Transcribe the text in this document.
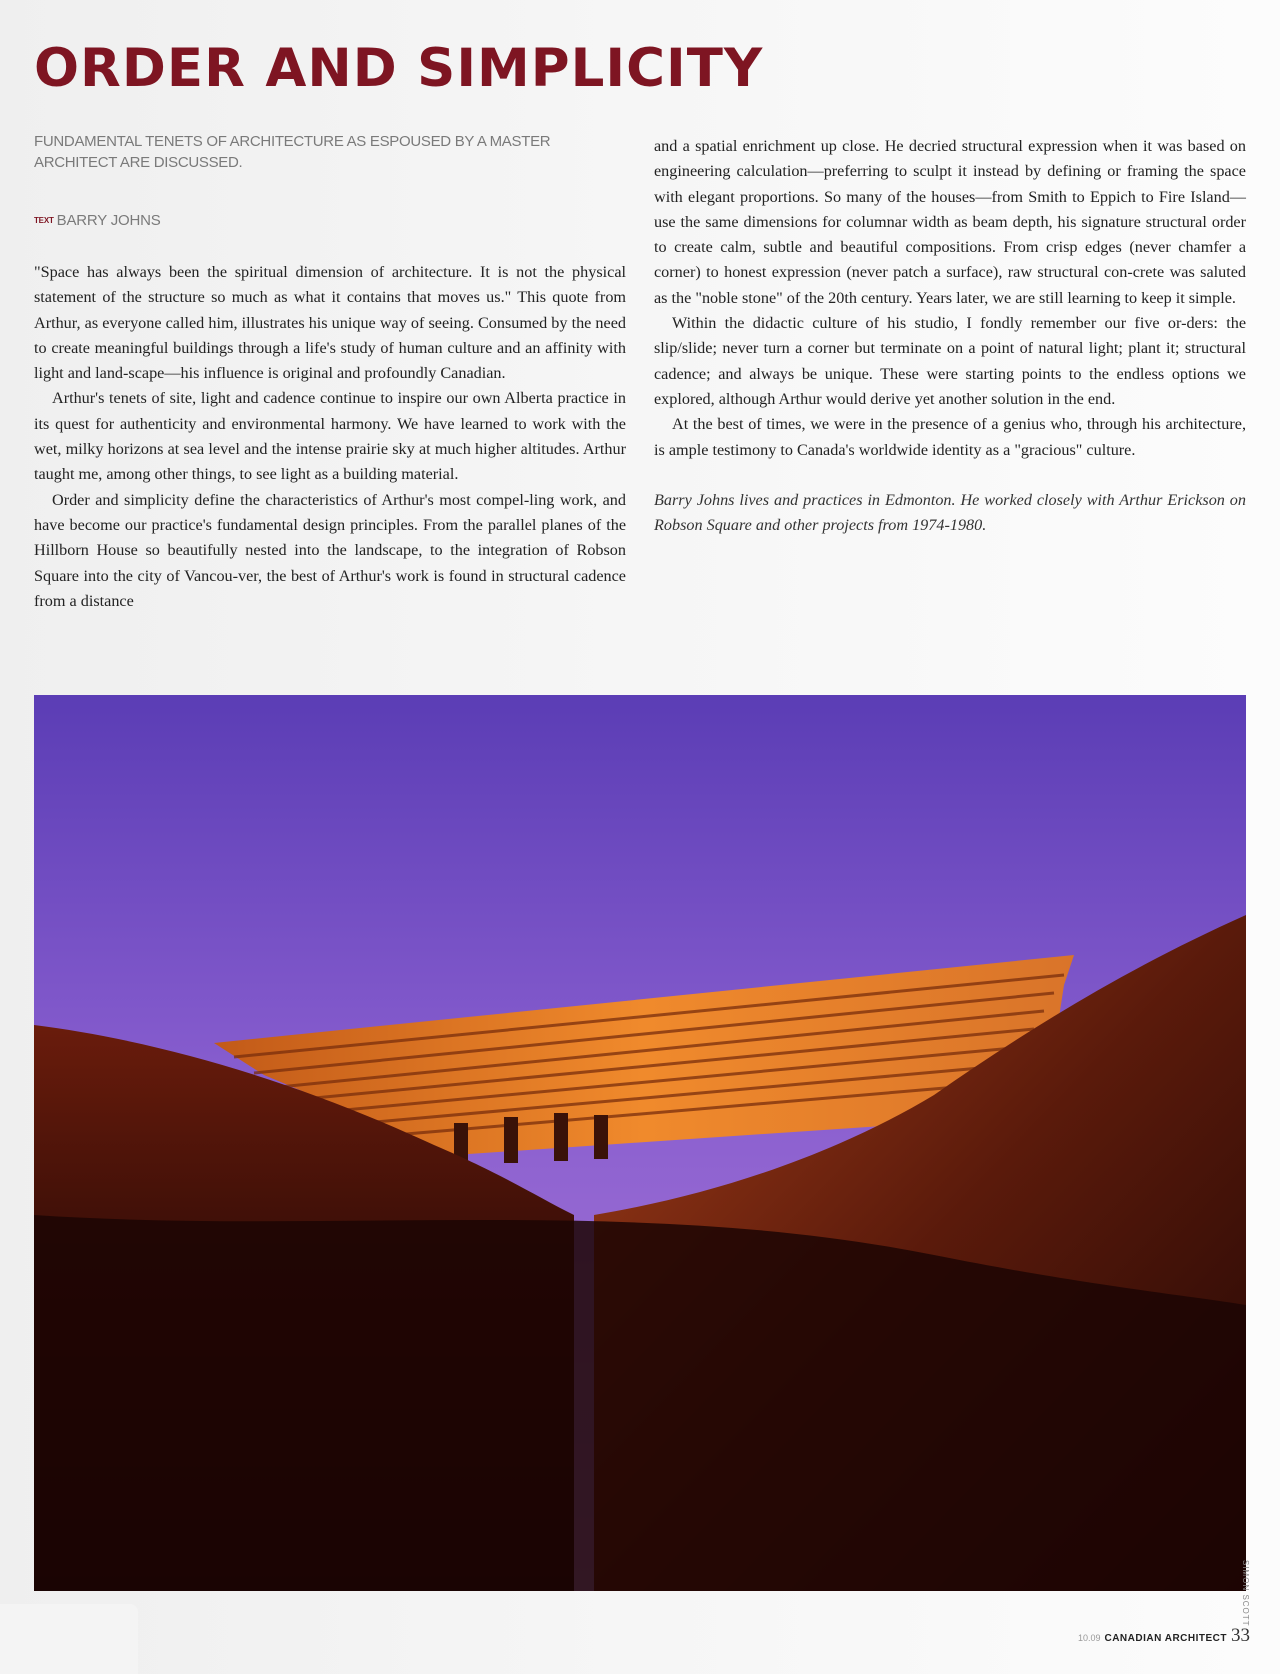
ORDER AND SIMPLICITY
FUNDAMENTAL TENETS OF ARCHITECTURE AS ESPOUSED BY A MASTER ARCHITECT ARE DISCUSSED.
TEXT BARRY JOHNS

"Space has always been the spiritual dimension of architecture. It is not the physical statement of the structure so much as what it contains that moves us." This quote from Arthur, as everyone called him, illustrates his unique way of seeing. Consumed by the need to create meaningful buildings through a life's study of human culture and an affinity with light and land-scape—his influence is original and profoundly Canadian.

Arthur's tenets of site, light and cadence continue to inspire our own Alberta practice in its quest for authenticity and environmental harmony. We have learned to work with the wet, milky horizons at sea level and the intense prairie sky at much higher altitudes. Arthur taught me, among other things, to see light as a building material.

Order and simplicity define the characteristics of Arthur's most compel-ling work, and have become our practice's fundamental design principles. From the parallel planes of the Hillborn House so beautifully nested into the landscape, to the integration of Robson Square into the city of Vancou-ver, the best of Arthur's work is found in structural cadence from a distance

and a spatial enrichment up close. He decried structural expression when it was based on engineering calculation—preferring to sculpt it instead by defining or framing the space with elegant proportions. So many of the houses—from Smith to Eppich to Fire Island—use the same dimensions for columnar width as beam depth, his signature structural order to create calm, subtle and beautiful compositions. From crisp edges (never chamfer a corner) to honest expression (never patch a surface), raw structural con-crete was saluted as the "noble stone" of the 20th century. Years later, we are still learning to keep it simple.

Within the didactic culture of his studio, I fondly remember our five or-ders: the slip/slide; never turn a corner but terminate on a point of natural light; plant it; structural cadence; and always be unique. These were starting points to the endless options we explored, although Arthur would derive yet another solution in the end.

At the best of times, we were in the presence of a genius who, through his architecture, is ample testimony to Canada's worldwide identity as a "gracious" culture.

Barry Johns lives and practices in Edmonton. He worked closely with Arthur Erickson on Robson Square and other projects from 1974-1980.

SIMON SCOTT
10.09 CANADIAN ARCHITECT 33
